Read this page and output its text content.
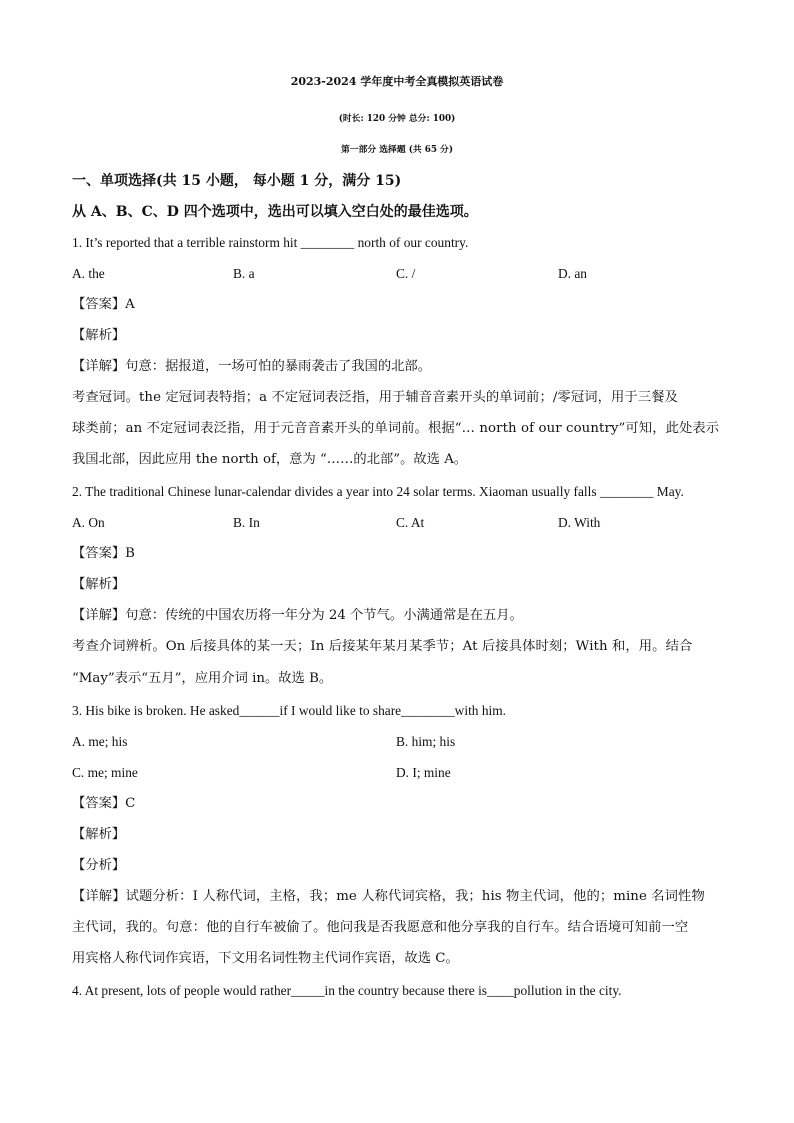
2023-2024 学年度中考全真模拟英语试卷
(时长: 120 分钟 总分: 100)
第一部分 选择题 (共 65 分)
一、单项选择(共 15 小题， 每小题 1 分，满分 15)
从 A、B、C、D 四个选项中，选出可以填入空白处的最佳选项。
1. It’s reported that a terrible rainstorm hit ________ north of our country.
A. the	B. a	C. /	D. an
【答案】A
【解析】
【详解】句意：据报道，一场可怕的暴雨袭击了我国的北部。
考查冠词。the 定冠词表特指；a 不定冠词表泛指，用于辅音音素开头的单词前；/零冠词，用于三餐及
球类前；an 不定冠词表泛指，用于元音音素开头的单词前。根据“… north of our country”可知，此处表示
我国北部，因此应用 the north of，意为 “……的北部”。故选 A。
2. The traditional Chinese lunar-calendar divides a year into 24 solar terms. Xiaoman usually falls ________ May.
A. On	B. In	C. At	D. With
【答案】B
【解析】
【详解】句意：传统的中国农历将一年分为 24 个节气。小满通常是在五月。
考查介词辨析。On 后接具体的某一天；In 后接某年某月某季节；At 后接具体时刻；With 和，用。结合
“May”表示“五月”，应用介词 in。故选 B。
3. His bike is broken. He asked______if I would like to share________with him.
A. me; his	B. him; his
C. me; mine	D. I; mine
【答案】C
【解析】
【分析】
【详解】试题分析：I 人称代词，主格，我；me 人称代词宾格，我；his 物主代词，他的；mine 名词性物
主代词，我的。句意：他的自行车被偷了。他问我是否我愿意和他分享我的自行车。结合语境可知前一空
用宾格人称代词作宾语，下文用名词性物主代词作宾语，故选 C。
4. At present, lots of people would rather_____in the country because there is____pollution in the city.
